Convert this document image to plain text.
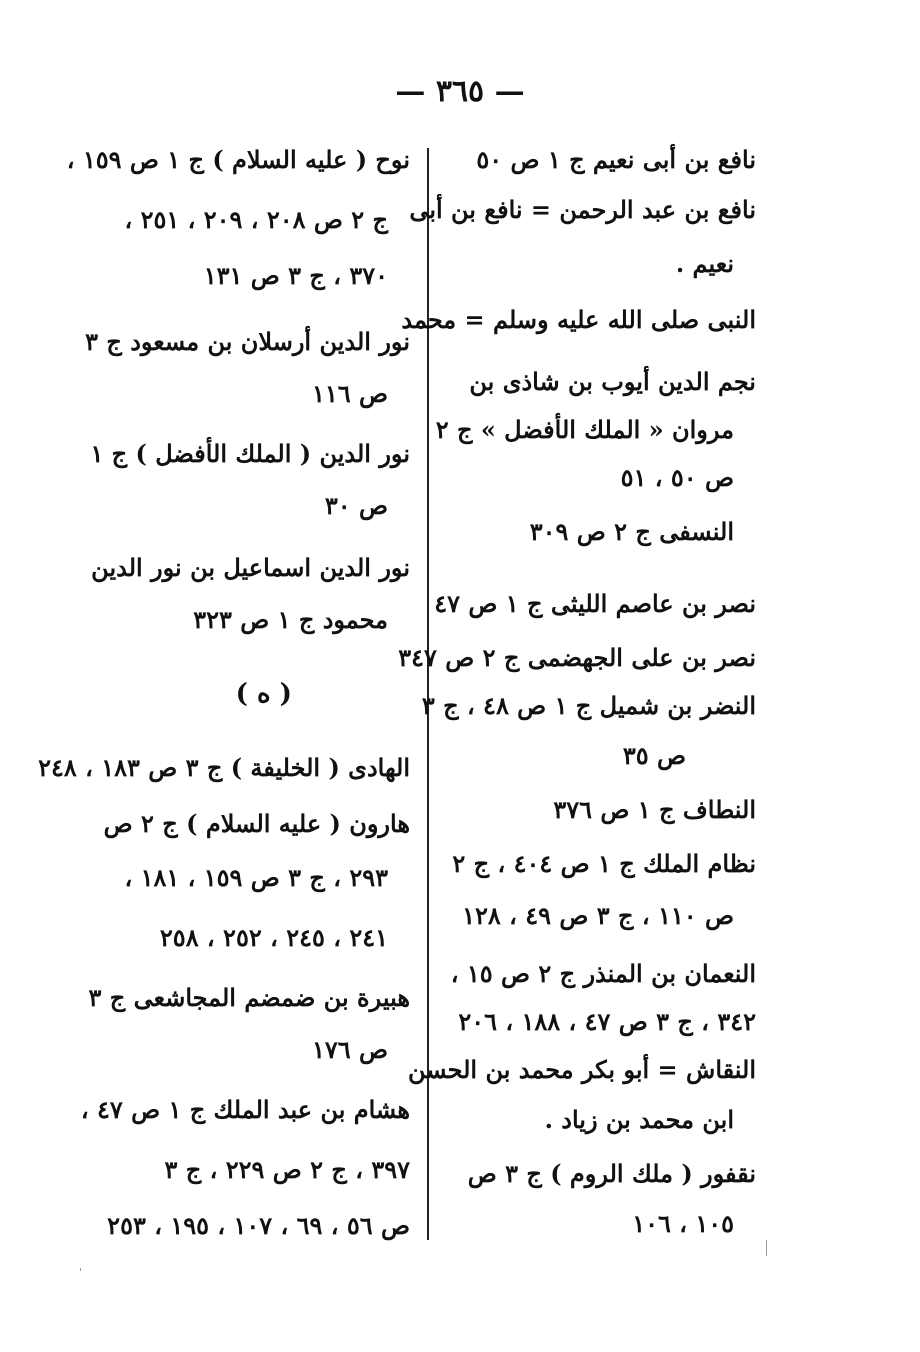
— ٣٦٥ —
نافع بن أبى نعيم ج ١ ص ٥٠
نافع بن عبد الرحمن = نافع بن أبى
نعيم .
النبى صلى الله عليه وسلم = محمد
نجم الدين أيوب بن شاذى بن
مروان « الملك الأفضل » ج ٢
ص ٥٠ ، ٥١
النسفى ج ٢ ص ٣٠٩
نصر بن عاصم الليثى ج ١ ص ٤٧
نصر بن على الجهضمى ج ٢ ص ٣٤٧
النضر بن شميل ج ١ ص ٤٨ ، ج ٣
ص ٣٥
النطاف ج ١ ص ٣٧٦
نظام الملك ج ١ ص ٤٠٤ ، ج ٢
ص ١١٠ ، ج ٣ ص ٤٩ ، ١٢٨
النعمان بن المنذر ج ٢ ص ١٥ ،
٣٤٢ ، ج ٣ ص ٤٧ ، ١٨٨ ، ٢٠٦
النقاش = أبو بكر محمد بن الحسن
ابن محمد بن زياد .
نقفور ( ملك الروم ) ج ٣ ص
١٠٥ ، ١٠٦
نوح ( عليه السلام ) ج ١ ص ١٥٩ ،
ج ٢ ص ٢٠٨ ، ٢٠٩ ، ٢٥١ ،
٣٧٠ ، ج ٣ ص ١٣١
نور الدين أرسلان بن مسعود ج ٣
ص ١١٦
نور الدين ( الملك الأفضل ) ج ١
ص ٣٠
نور الدين اسماعيل بن نور الدين
محمود ج ١ ص ٣٢٣
( ه )
الهادى ( الخليفة ) ج ٣ ص ١٨٣ ، ٢٤٨
هارون ( عليه السلام ) ج ٢ ص
٢٩٣ ، ج ٣ ص ١٥٩ ، ١٨١ ،
٢٤١ ، ٢٤٥ ، ٢٥٢ ، ٢٥٨
هبيرة بن ضمضم المجاشعى ج ٣
ص ١٧٦
هشام بن عبد الملك ج ١ ص ٤٧ ،
٣٩٧ ، ج ٢ ص ٢٢٩ ، ج ٣
ص ٥٦ ، ٦٩ ، ١٠٧ ، ١٩٥ ، ٢٥٣
